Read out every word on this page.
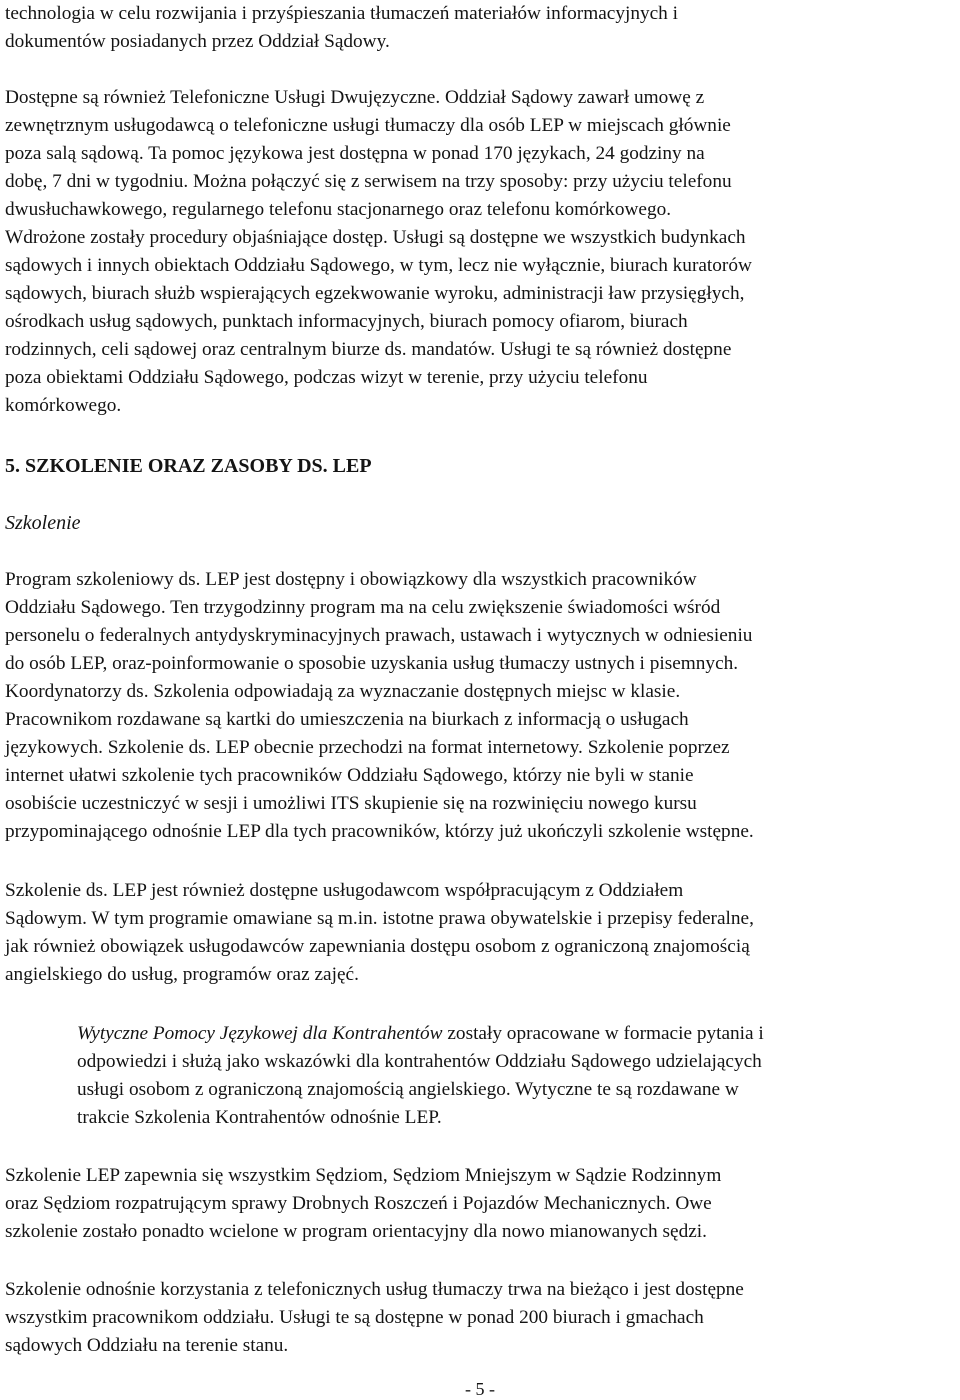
technologia w celu rozwijania i przyśpieszania tłumaczeń materiałów informacyjnych i
dokumentów posiadanych przez Oddział Sądowy.

Dostępne są również Telefoniczne Usługi Dwujęzyczne. Oddział Sądowy zawarł umowę z
zewnętrznym usługodawcą o telefoniczne usługi tłumaczy dla osób LEP w miejscach głównie
poza salą sądową. Ta pomoc językowa jest dostępna w ponad 170 językach, 24 godziny na
dobę, 7 dni w tygodniu. Można połączyć się z serwisem na trzy sposoby: przy użyciu telefonu
dwusłuchawkowego, regularnego telefonu stacjonarnego oraz telefonu komórkowego.
Wdrożone zostały procedury objaśniające dostęp. Usługi są dostępne we wszystkich budynkach
sądowych i innych obiektach Oddziału Sądowego, w tym, lecz nie wyłącznie, biurach kuratorów
sądowych, biurach służb wspierających egzekwowanie wyroku, administracji ław przysięgłych,
ośrodkach usług sądowych, punktach informacyjnych, biurach pomocy ofiarom, biurach
rodzinnych, celi sądowej oraz centralnym biurze ds. mandatów. Usługi te są również dostępne
poza obiektami Oddziału Sądowego, podczas wizyt w terenie, przy użyciu telefonu
komórkowego.

5. SZKOLENIE ORAZ ZASOBY DS. LEP

Szkolenie

Program szkoleniowy ds. LEP jest dostępny i obowiązkowy dla wszystkich pracowników
Oddziału Sądowego. Ten trzygodzinny program ma na celu zwiększenie świadomości wśród
personelu o federalnych antydyskryminacyjnych prawach, ustawach i wytycznych w odniesieniu
do osób LEP, oraz-poinformowanie o sposobie uzyskania usług tłumaczy ustnych i pisemnych.
Koordynatorzy ds. Szkolenia odpowiadają za wyznaczanie dostępnych miejsc w klasie.
Pracownikom rozdawane są kartki do umieszczenia na biurkach z informacją o usługach
językowych. Szkolenie ds. LEP obecnie przechodzi na format internetowy. Szkolenie poprzez
internet ułatwi szkolenie tych pracowników Oddziału Sądowego, którzy nie byli w stanie
osobiście uczestniczyć w sesji i umożliwi ITS skupienie się na rozwinięciu nowego kursu
przypominającego odnośnie LEP dla tych pracowników, którzy już ukończyli szkolenie wstępne.

Szkolenie ds. LEP jest również dostępne usługodawcom współpracującym z Oddziałem
Sądowym. W tym programie omawiane są m.in. istotne prawa obywatelskie i przepisy federalne,
jak również obowiązek usługodawców zapewniania dostępu osobom z ograniczoną znajomością
angielskiego do usług, programów oraz zajęć.

Wytyczne Pomocy Językowej dla Kontrahentów zostały opracowane w formacie pytania i
odpowiedzi i służą jako wskazówki dla kontrahentów Oddziału Sądowego udzielających
usługi osobom z ograniczoną znajomością angielskiego. Wytyczne te są rozdawane w
trakcie Szkolenia Kontrahentów odnośnie LEP.

Szkolenie LEP zapewnia się wszystkim Sędziom, Sędziom Mniejszym w Sądzie Rodzinnym
oraz Sędziom rozpatrującym sprawy Drobnych Roszczeń i Pojazdów Mechanicznych. Owe
szkolenie zostało ponadto wcielone w program orientacyjny dla nowo mianowanych sędzi.

Szkolenie odnośnie korzystania z telefonicznych usług tłumaczy trwa na bieżąco i jest dostępne
wszystkim pracownikom oddziału. Usługi te są dostępne w ponad 200 biurach i gmachach
sądowych Oddziału na terenie stanu.

- 5 -
